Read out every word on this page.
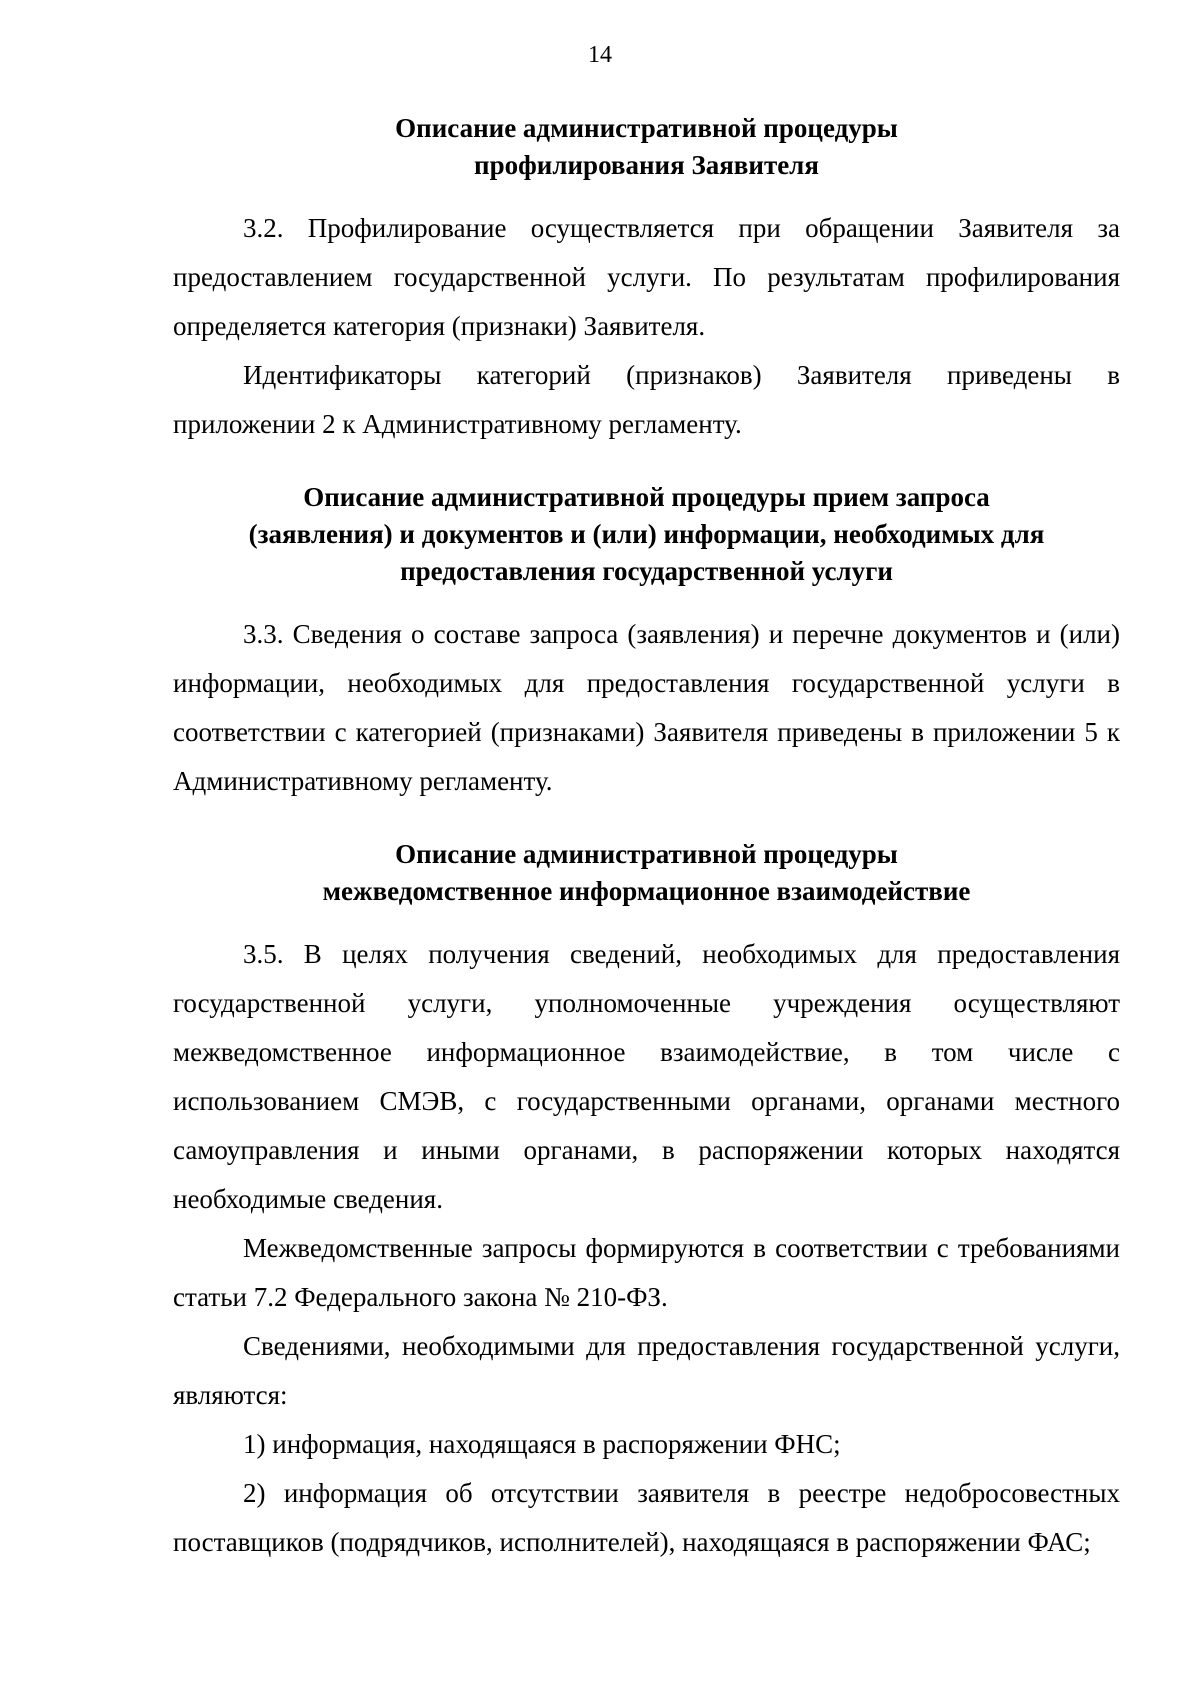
14
Описание административной процедуры
профилирования Заявителя

3.2. Профилирование осуществляется при обращении Заявителя за предоставлением государственной услуги. По результатам профилирования определяется категория (признаки) Заявителя.

Идентификаторы категорий (признаков) Заявителя приведены в приложении 2 к Административному регламенту.

Описание административной процедуры прием запроса
(заявления) и документов и (или) информации, необходимых для
предоставления государственной услуги

3.3. Сведения о составе запроса (заявления) и перечне документов и (или) информации, необходимых для предоставления государственной услуги в соответствии с категорией (признаками) Заявителя приведены в приложении 5 к Административному регламенту.

Описание административной процедуры
межведомственное информационное взаимодействие

3.5. В целях получения сведений, необходимых для предоставления государственной услуги, уполномоченные учреждения осуществляют межведомственное информационное взаимодействие, в том числе с использованием СМЭВ, с государственными органами, органами местного самоуправления и иными органами, в распоряжении которых находятся необходимые сведения.

Межведомственные запросы формируются в соответствии с требованиями статьи 7.2 Федерального закона № 210-ФЗ.

Сведениями, необходимыми для предоставления государственной услуги, являются:

1) информация, находящаяся в распоряжении ФНС;

2) информация об отсутствии заявителя в реестре недобросовестных поставщиков (подрядчиков, исполнителей), находящаяся в распоряжении ФАС;
